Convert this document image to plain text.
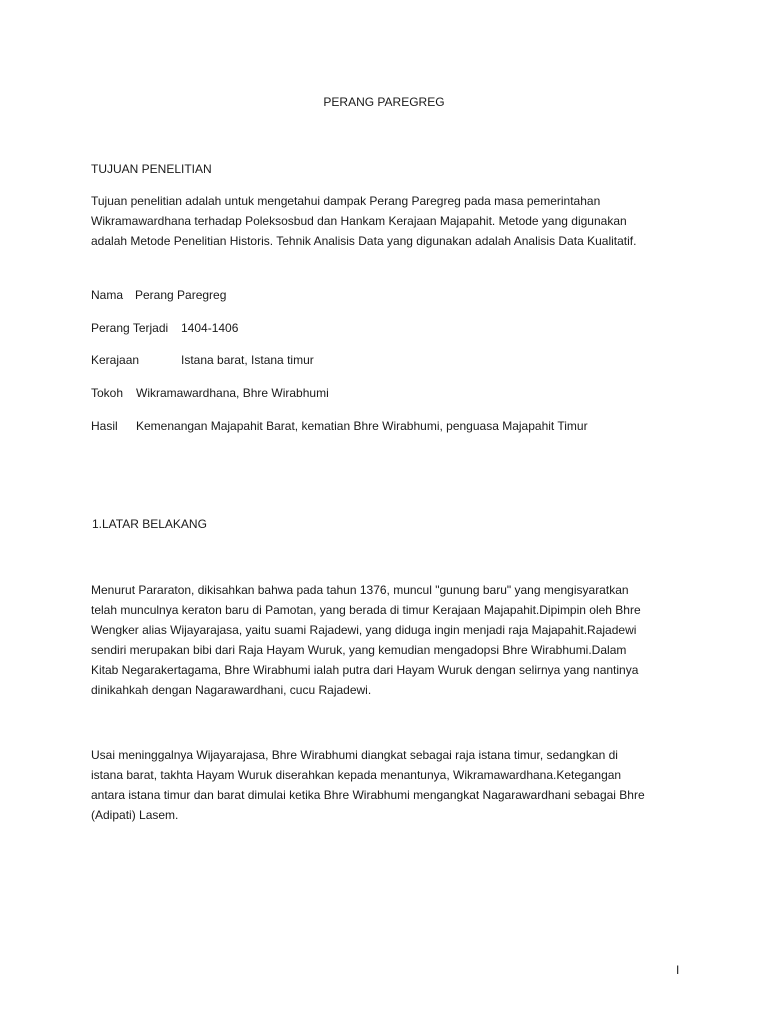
PERANG PAREGREG
TUJUAN PENELITIAN
Tujuan penelitian adalah untuk mengetahui dampak Perang Paregreg pada masa pemerintahan
Wikramawardhana terhadap Poleksosbud dan Hankam Kerajaan Majapahit. Metode yang digunakan
adalah Metode Penelitian Historis. Tehnik Analisis Data yang digunakan adalah Analisis Data Kualitatif.
Nama Perang Paregreg
Perang Terjadi 1404-1406
Kerajaan	Istana barat, Istana timur
Tokoh Wikramawardhana, Bhre Wirabhumi
Hasil Kemenangan Majapahit Barat, kematian Bhre Wirabhumi, penguasa Majapahit Timur
1.LATAR BELAKANG
Menurut Pararaton, dikisahkan bahwa pada tahun 1376, muncul "gunung baru" yang mengisyaratkan
telah munculnya keraton baru di Pamotan, yang berada di timur Kerajaan Majapahit.Dipimpin oleh Bhre
Wengker alias Wijayarajasa, yaitu suami Rajadewi, yang diduga ingin menjadi raja Majapahit.Rajadewi
sendiri merupakan bibi dari Raja Hayam Wuruk, yang kemudian mengadopsi Bhre Wirabhumi.Dalam
Kitab Negarakertagama, Bhre Wirabhumi ialah putra dari Hayam Wuruk dengan selirnya yang nantinya
dinikahkah dengan Nagarawardhani, cucu Rajadewi.
Usai meninggalnya Wijayarajasa, Bhre Wirabhumi diangkat sebagai raja istana timur, sedangkan di
istana barat, takhta Hayam Wuruk diserahkan kepada menantunya, Wikramawardhana.Ketegangan
antara istana timur dan barat dimulai ketika Bhre Wirabhumi mengangkat Nagarawardhani sebagai Bhre
(Adipati) Lasem.
I
